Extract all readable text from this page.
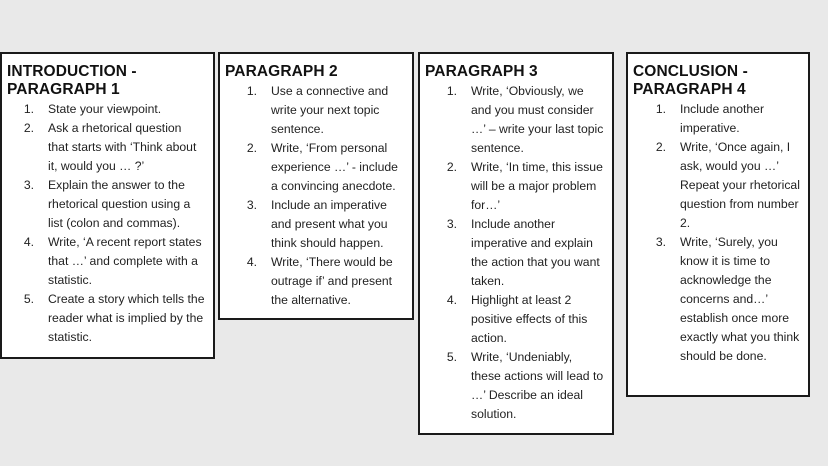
INTRODUCTION - PARAGRAPH 1
1.	State your viewpoint.
2.	Ask a rhetorical question that starts with ‘Think about it, would you … ?’
3.	Explain the answer to the rhetorical question using a list (colon and commas).
4.	Write, ‘A recent report states that …’ and complete with a statistic.
5.	Create a story which tells the reader what is implied by the statistic.
PARAGRAPH 2
1.	Use a connective and write your next topic sentence.
2.	Write, ‘From personal experience …’ - include a convincing anecdote.
3.	Include an imperative and present what you think should happen.
4.	Write, ‘There would be outrage if’ and present the alternative.
PARAGRAPH 3
1.	Write, ‘Obviously, we and you must consider …’ – write your last topic sentence.
2.	Write, ‘In time, this issue will be a major problem for…’
3.	Include another imperative and explain the action that you want taken.
4.	Highlight at least 2 positive effects of this action.
5.	Write, ‘Undeniably, these actions will lead to …’ Describe an ideal solution.
CONCLUSION - PARAGRAPH 4
1.	Include another imperative.
2.	Write, ‘Once again, I ask, would you …’ Repeat your rhetorical question from number 2.
3.	Write, ‘Surely, you know it is time to acknowledge the concerns and…’ establish once more exactly what you think should be done.
